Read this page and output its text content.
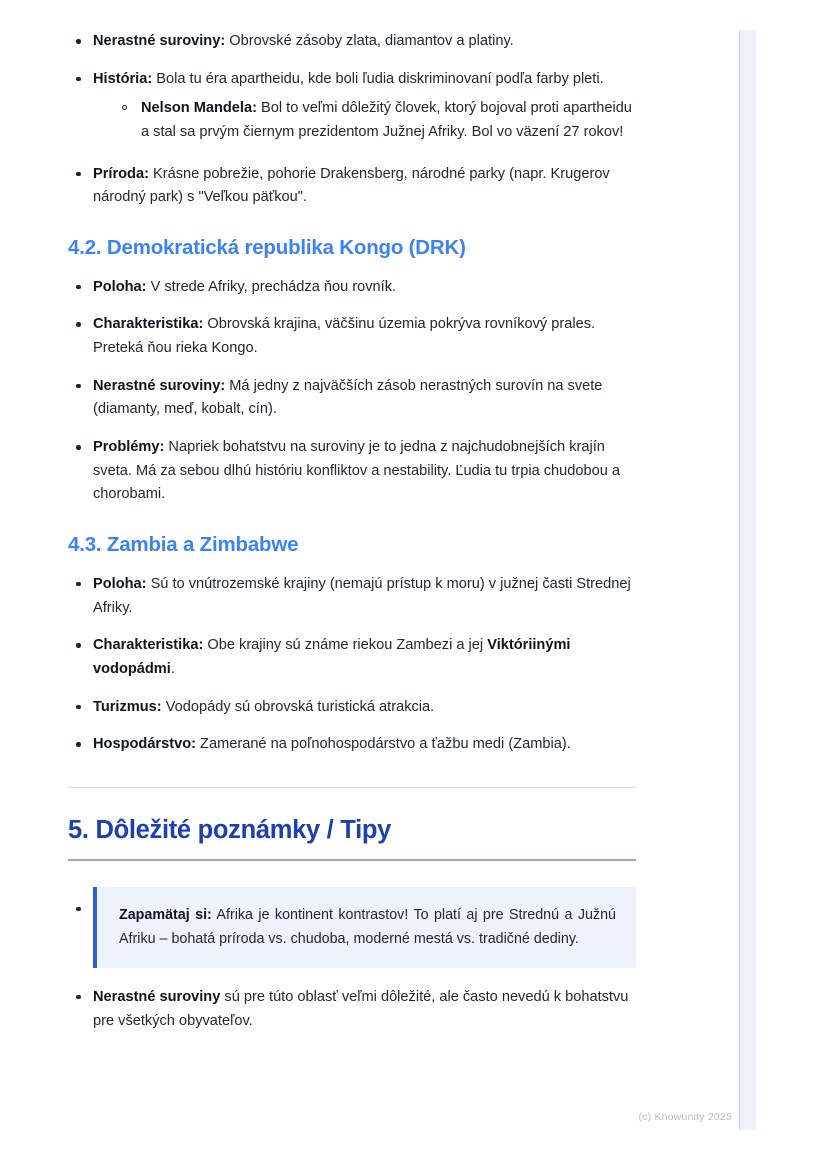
Nerastné suroviny: Obrovské zásoby zlata, diamantov a platiny.
História: Bola tu éra apartheidu, kde boli ľudia diskriminovaní podľa farby pleti.
Nelson Mandela: Bol to veľmi dôležitý človek, ktorý bojoval proti apartheidu a stal sa prvým čiernym prezidentom Južnej Afriky. Bol vo väzení 27 rokov!
Príroda: Krásne pobrežie, pohorie Drakensberg, národné parky (napr. Krugerov národný park) s "Veľkou päťkou".
4.2. Demokratická republika Kongo (DRK)
Poloha: V strede Afriky, prechádza ňou rovník.
Charakteristika: Obrovská krajina, väčšinu územia pokrýva rovníkový prales. Preteká ňou rieka Kongo.
Nerastné suroviny: Má jedny z najväčších zásob nerastných surovín na svete (diamanty, meď, kobalt, cín).
Problémy: Napriek bohatstvu na suroviny je to jedna z najchudobnejších krajín sveta. Má za sebou dlhú históriu konfliktov a nestability. Ľudia tu trpia chudobou a chorobami.
4.3. Zambia a Zimbabwe
Poloha: Sú to vnútrozemské krajiny (nemajú prístup k moru) v južnej časti Strednej Afriky.
Charakteristika: Obe krajiny sú známe riekou Zambezi a jej Viktóriinými vodopádmi.
Turizmus: Vodopády sú obrovská turistická atrakcia.
Hospodárstvo: Zamerané na poľnohospodárstvo a ťažbu medi (Zambia).
5. Dôležité poznámky / Tipy
Zapamätaj si: Afrika je kontinent kontrastov! To platí aj pre Strednú a Južnú Afriku – bohatá príroda vs. chudoba, moderné mestá vs. tradičné dediny.
Nerastné suroviny sú pre túto oblasť veľmi dôležité, ale často nevedú k bohatstvu pre všetkých obyvateľov.
(c) Knowunity 2025
